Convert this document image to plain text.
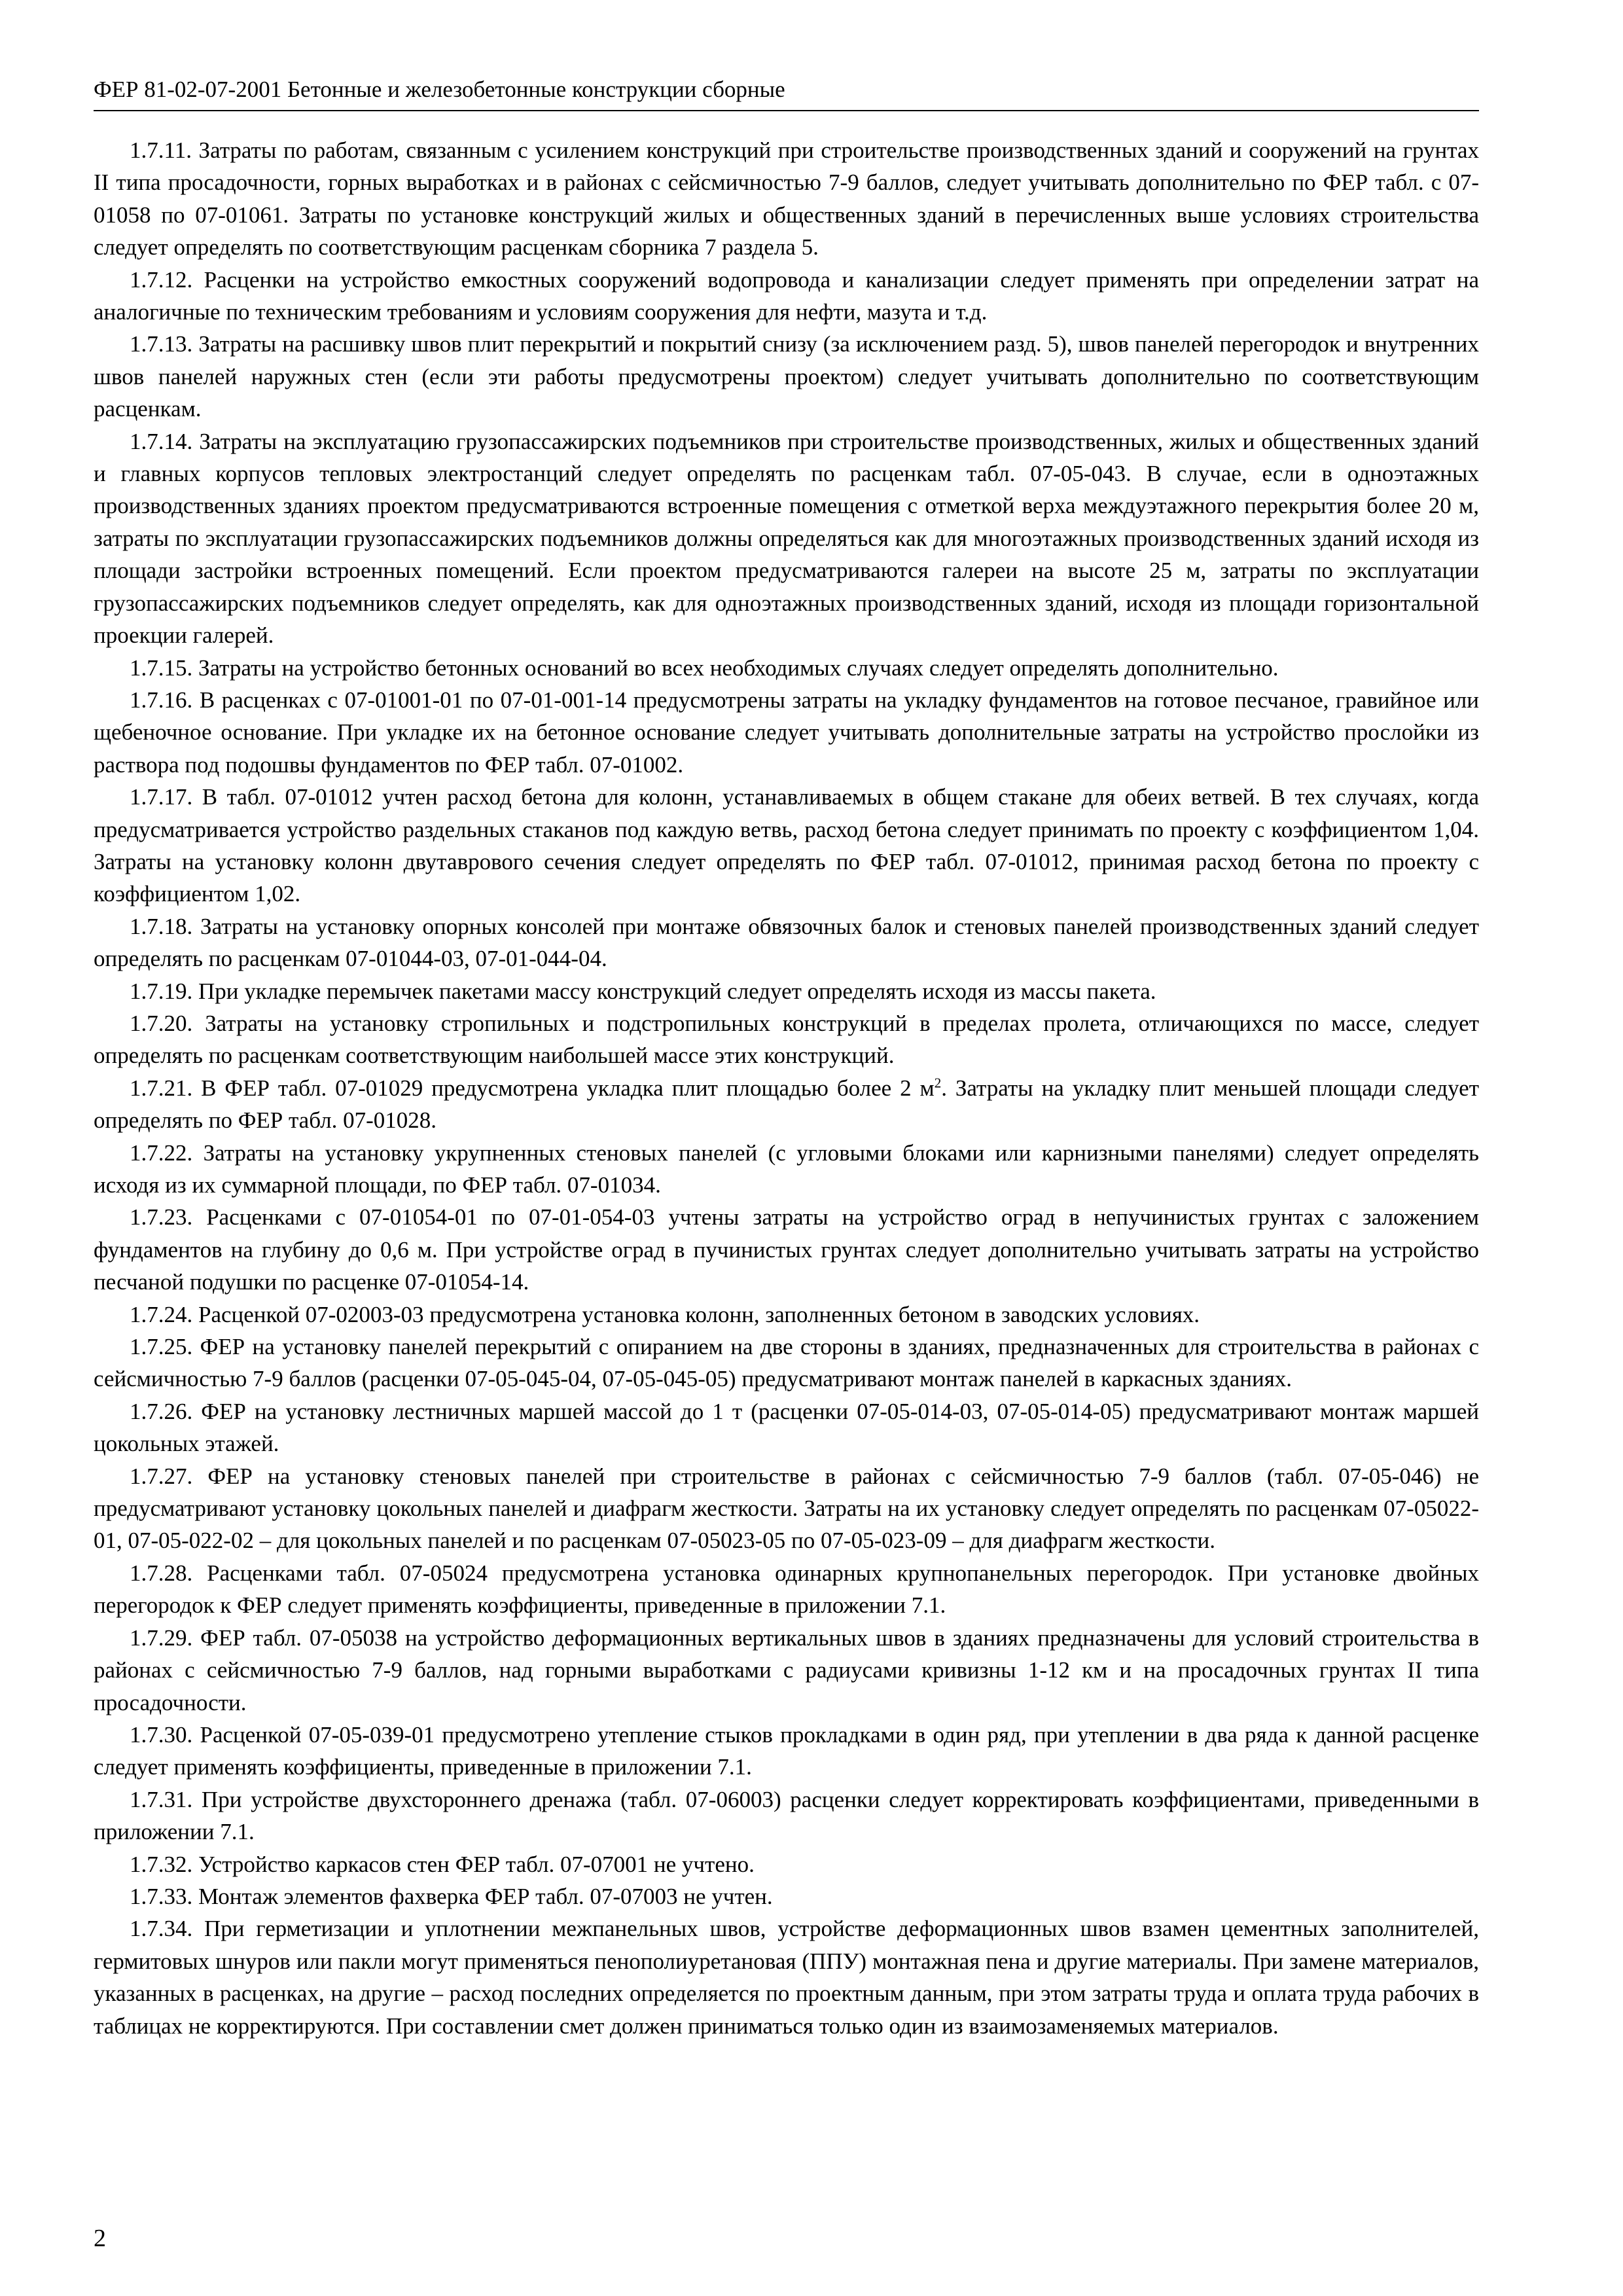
ФЕР 81-02-07-2001 Бетонные и железобетонные конструкции сборные

1.7.11. Затраты по работам, связанным с усилением конструкций при строительстве производственных зданий и сооружений на грунтах II типа просадочности, горных выработках и в районах с сейсмичностью 7-9 баллов, следует учитывать дополнительно по ФЕР табл. с 07-01058 по 07-01061. Затраты по установке конструкций жилых и общественных зданий в перечисленных выше условиях строительства следует определять по соответствующим расценкам сборника 7 раздела 5.

1.7.12. Расценки на устройство емкостных сооружений водопровода и канализации следует применять при определении затрат на аналогичные по техническим требованиям и условиям сооружения для нефти, мазута и т.д.

1.7.13. Затраты на расшивку швов плит перекрытий и покрытий снизу (за исключением разд. 5), швов панелей перегородок и внутренних швов панелей наружных стен (если эти работы предусмотрены проектом) следует учитывать дополнительно по соответствующим расценкам.

1.7.14. Затраты на эксплуатацию грузопассажирских подъемников при строительстве производственных, жилых и общественных зданий и главных корпусов тепловых электростанций следует определять по расценкам табл. 07-05-043. В случае, если в одноэтажных производственных зданиях проектом предусматриваются встроенные помещения с отметкой верха междуэтажного перекрытия более 20 м, затраты по эксплуатации грузопассажирских подъемников должны определяться как для многоэтажных производственных зданий исходя из площади застройки встроенных помещений. Если проектом предусматриваются галереи на высоте 25 м, затраты по эксплуатации грузопассажирских подъемников следует определять, как для одноэтажных производственных зданий, исходя из площади горизонтальной проекции галерей.

1.7.15. Затраты на устройство бетонных оснований во всех необходимых случаях следует определять дополнительно.

1.7.16. В расценках с 07-01001-01 по 07-01-001-14 предусмотрены затраты на укладку фундаментов на готовое песчаное, гравийное или щебеночное основание. При укладке их на бетонное основание следует учитывать дополнительные затраты на устройство прослойки из раствора под подошвы фундаментов по ФЕР табл. 07-01002.

1.7.17. В табл. 07-01012 учтен расход бетона для колонн, устанавливаемых в общем стакане для обеих ветвей. В тех случаях, когда предусматривается устройство раздельных стаканов под каждую ветвь, расход бетона следует принимать по проекту с коэффициентом 1,04. Затраты на установку колонн двутаврового сечения следует определять по ФЕР табл. 07-01012, принимая расход бетона по проекту с коэффициентом 1,02.

1.7.18. Затраты на установку опорных консолей при монтаже обвязочных балок и стеновых панелей производственных зданий следует определять по расценкам 07-01044-03, 07-01-044-04.

1.7.19. При укладке перемычек пакетами массу конструкций следует определять исходя из массы пакета.

1.7.20. Затраты на установку стропильных и подстропильных конструкций в пределах пролета, отличающихся по массе, следует определять по расценкам соответствующим наибольшей массе этих конструкций.

1.7.21. В ФЕР табл. 07-01029 предусмотрена укладка плит площадью более 2 $м^2$. Затраты на укладку плит меньшей площади следует определять по ФЕР табл. 07-01028.

1.7.22. Затраты на установку укрупненных стеновых панелей (с угловыми блоками или карнизными панелями) следует определять исходя из их суммарной площади, по ФЕР табл. 07-01034.

1.7.23. Расценками с 07-01054-01 по 07-01-054-03 учтены затраты на устройство оград в непучинистых грунтах с заложением фундаментов на глубину до 0,6 м. При устройстве оград в пучинистых грунтах следует дополнительно учитывать затраты на устройство песчаной подушки по расценке 07-01054-14.

1.7.24. Расценкой 07-02003-03 предусмотрена установка колонн, заполненных бетоном в заводских условиях.

1.7.25. ФЕР на установку панелей перекрытий с опиранием на две стороны в зданиях, предназначенных для строительства в районах с сейсмичностью 7-9 баллов (расценки 07-05-045-04, 07-05-045-05) предусматривают монтаж панелей в каркасных зданиях.

1.7.26. ФЕР на установку лестничных маршей массой до 1 т (расценки 07-05-014-03, 07-05-014-05) предусматривают монтаж маршей цокольных этажей.

1.7.27. ФЕР на установку стеновых панелей при строительстве в районах с сейсмичностью 7-9 баллов (табл. 07-05-046) не предусматривают установку цокольных панелей и диафрагм жесткости. Затраты на их установку следует определять по расценкам 07-05022-01, 07-05-022-02 – для цокольных панелей и по расценкам 07-05023-05 по 07-05-023-09 – для диафрагм жесткости.

1.7.28. Расценками табл. 07-05024 предусмотрена установка одинарных крупнопанельных перегородок. При установке двойных перегородок к ФЕР следует применять коэффициенты, приведенные в приложении 7.1.

1.7.29. ФЕР табл. 07-05038 на устройство деформационных вертикальных швов в зданиях предназначены для условий строительства в районах с сейсмичностью 7-9 баллов, над горными выработками с радиусами кривизны 1-12 км и на просадочных грунтах II типа просадочности.

1.7.30. Расценкой 07-05-039-01 предусмотрено утепление стыков прокладками в один ряд, при утеплении в два ряда к данной расценке следует применять коэффициенты, приведенные в приложении 7.1.

1.7.31. При устройстве двухстороннего дренажа (табл. 07-06003) расценки следует корректировать коэффициентами, приведенными в приложении 7.1.

1.7.32. Устройство каркасов стен ФЕР табл. 07-07001 не учтено.

1.7.33. Монтаж элементов фахверка ФЕР табл. 07-07003 не учтен.

1.7.34. При герметизации и уплотнении межпанельных швов, устройстве деформационных швов взамен цементных заполнителей, гермитовых шнуров или пакли могут применяться пенополиуретановая (ППУ) монтажная пена и другие материалы. При замене материалов, указанных в расценках, на другие – расход последних определяется по проектным данным, при этом затраты труда и оплата труда рабочих в таблицах не корректируются. При составлении смет должен приниматься только один из взаимозаменяемых материалов.

2
